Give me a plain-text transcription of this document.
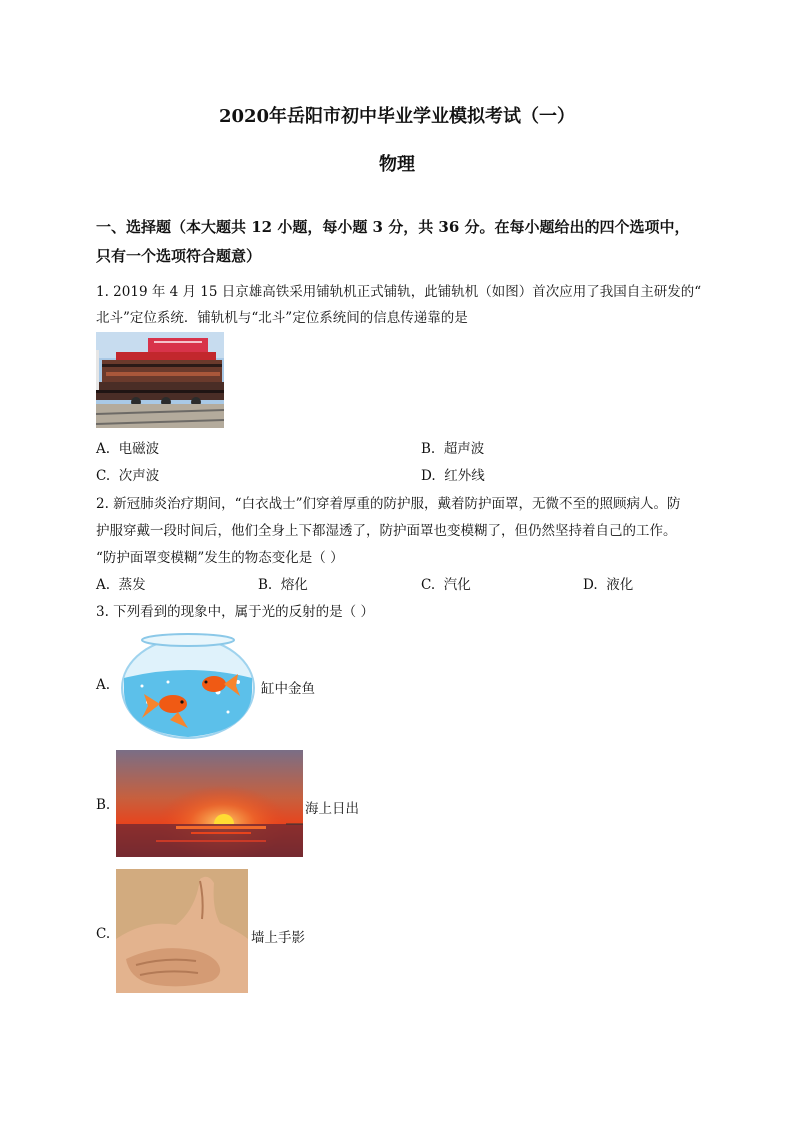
2020年岳阳市初中毕业学业模拟考试（一）
物理
一、选择题（本大题共 12 小题，每小题 3 分，共 36 分。在每小题给出的四个选项中，
只有一个选项符合题意）
1. 2019 年 4 月 15 日京雄高铁采用铺轨机正式铺轨，此铺轨机（如图）首次应用了我国自主研发的“
北斗”定位系统．铺轨机与“北斗”定位系统间的信息传递靠的是
A. 电磁波	B. 超声波
C. 次声波	D. 红外线
护服穿戴一段时间后，他们全身上下都湿透了，防护面罩也变模糊了，但仍然坚持着自己的工作。
2. 新冠肺炎治疗期间，“白衣战士”们穿着厚重的防护服，戴着防护面罩，无微不至的照顾病人。防
“防护面罩变模糊”发生的物态变化是（ ）
A. 蒸发	B. 熔化	C. 汽化	D. 液化
3. 下列看到的现象中，属于光的反射的是（ ）
A.	缸中金鱼
B.	海上日出
C.	墙上手影
